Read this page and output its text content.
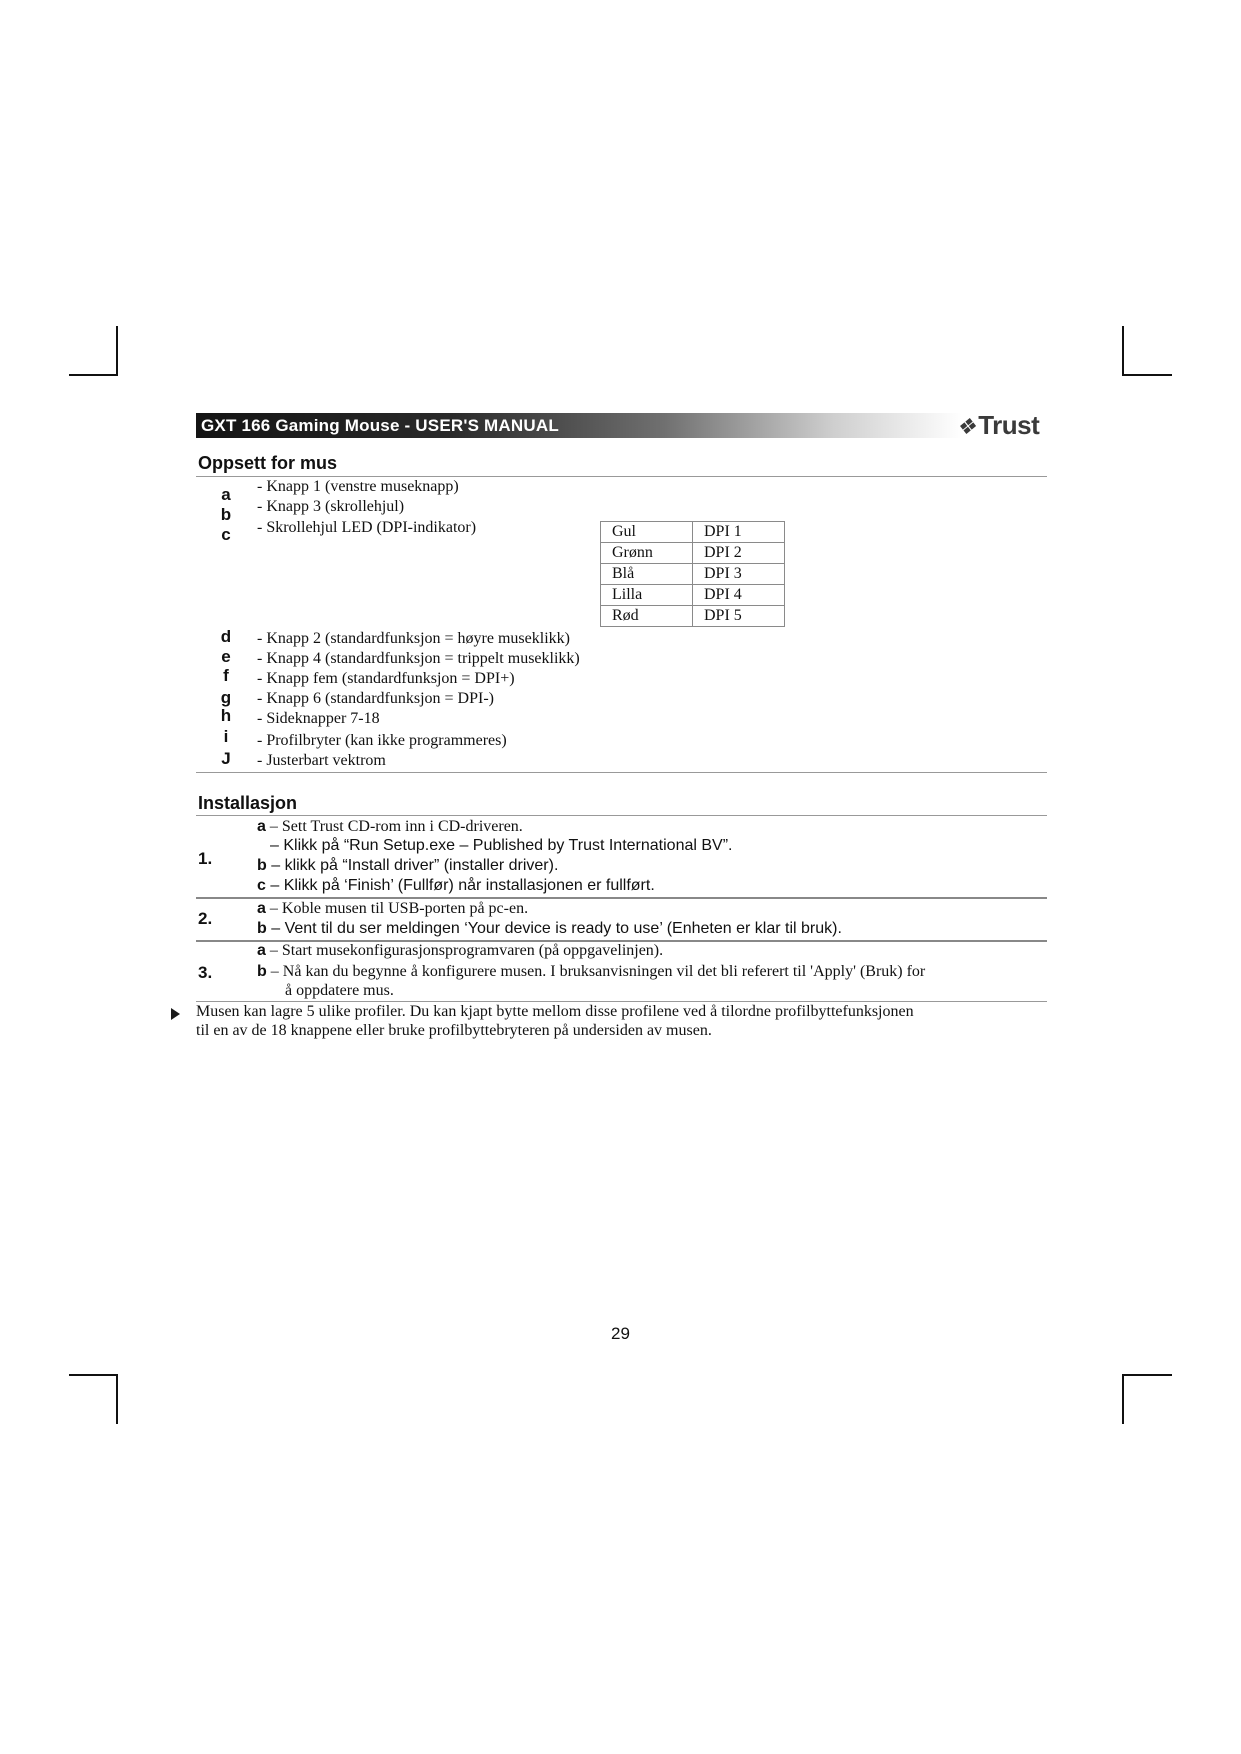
GXT 166 Gaming Mouse - USER'S MANUAL	❖Trust
Oppsett for mus
a	- Knapp 1 (venstre museknapp)
b	- Knapp 3 (skrollehjul)
c	- Skrollehjul LED (DPI-indikator)
d	- Knapp 2 (standardfunksjon = høyre museklikk)
e	- Knapp 4 (standardfunksjon = trippelt museklikk)
f	- Knapp fem (standardfunksjon = DPI+)
g	- Knapp 6 (standardfunksjon = DPI-)
h	- Sideknapper 7-18
i	- Profilbryter (kan ikke programmeres)
J	- Justerbart vektrom
Gul	DPI 1
Grønn	DPI 2
Blå	DPI 3
Lilla	DPI 4
Rød	DPI 5
Installasjon
1.
a – Sett Trust CD-rom inn i CD-driveren.
– Klikk på “Run Setup.exe – Published by Trust International BV”.
b – klikk på “Install driver” (installer driver).
c – Klikk på ‘Finish’ (Fullfør) når installasjonen er fullført.
2.
a – Koble musen til USB-porten på pc-en.
b – Vent til du ser meldingen ‘Your device is ready to use’ (Enheten er klar til bruk).
3.
a – Start musekonfigurasjonsprogramvaren (på oppgavelinjen).
b – Nå kan du begynne å konfigurere musen. I bruksanvisningen vil det bli referert til 'Apply' (Bruk) for
å oppdatere mus.
Musen kan lagre 5 ulike profiler. Du kan kjapt bytte mellom disse profilene ved å tilordne profilbyttefunksjonen
til en av de 18 knappene eller bruke profilbyttebryteren på undersiden av musen.
29
